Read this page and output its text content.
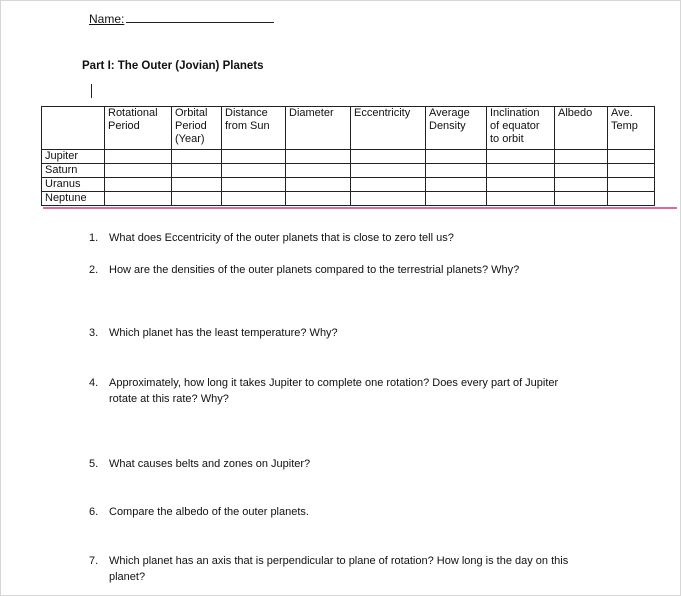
Name:
Part I: The Outer (Jovian) Planets
	Rotational Period	Orbital Period (Year)	Distance from Sun	Diameter	Eccentricity	Average Density	Inclination of equator to orbit	Albedo	Ave. Temp
Jupiter									
Saturn									
Uranus									
Neptune									
1. What does Eccentricity of the outer planets that is close to zero tell us?
2. How are the densities of the outer planets compared to the terrestrial planets? Why?
3. Which planet has the least temperature? Why?
4. Approximately, how long it takes Jupiter to complete one rotation? Does every part of Jupiter rotate at this rate? Why?
5. What causes belts and zones on Jupiter?
6. Compare the albedo of the outer planets.
7. Which planet has an axis that is perpendicular to plane of rotation? How long is the day on this planet?
